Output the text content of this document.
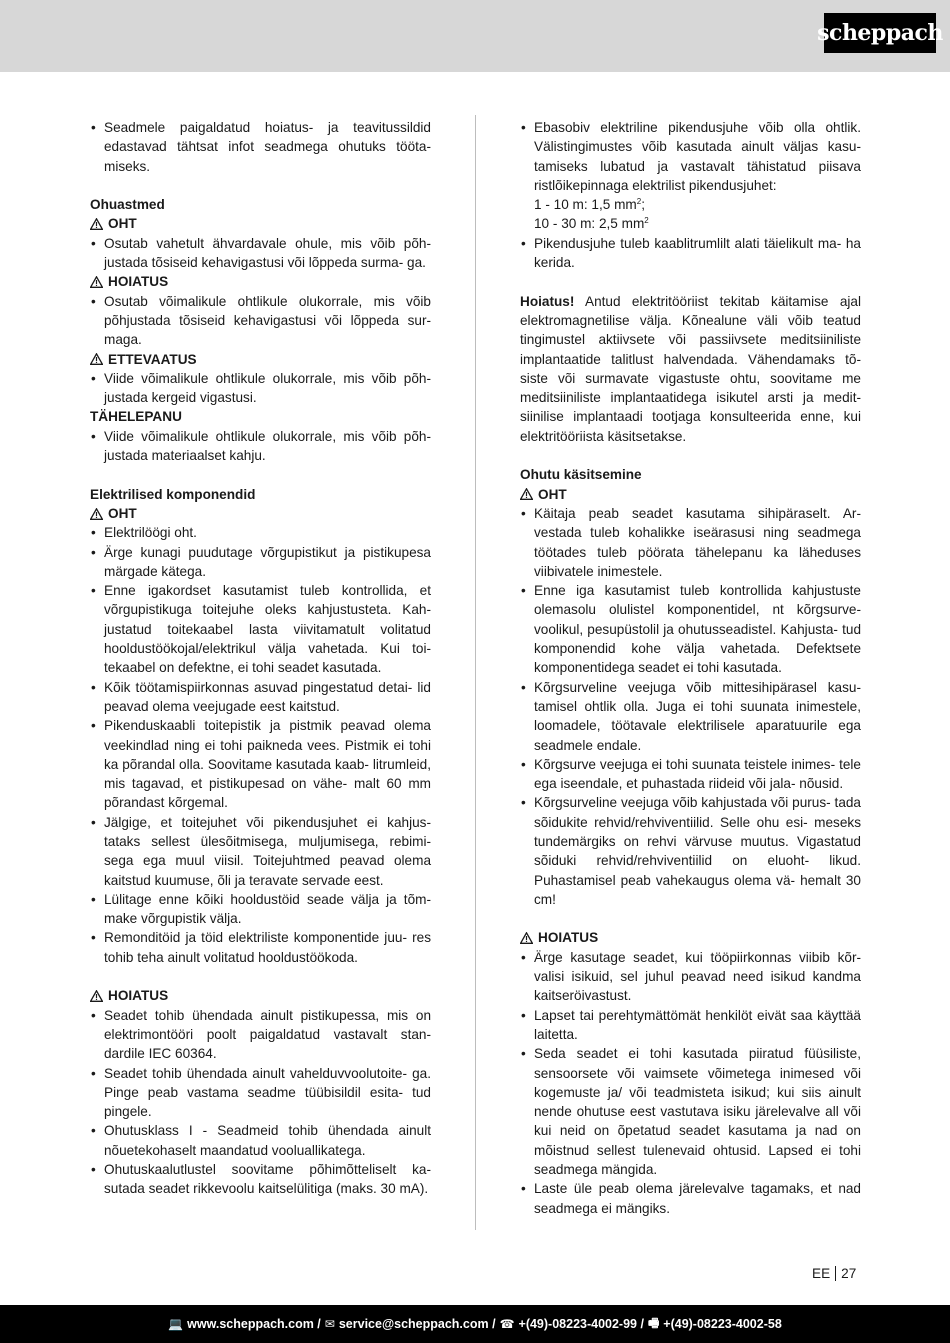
scheppach
• Seadmele paigaldatud hoiatus- ja teavitussildid edastavad tähtsat infot seadmega ohutuks tööta- miseks.
Ohuastmed
OHT
• Osutab vahetult ähvardavale ohule, mis võib põh- justada tõsiseid kehavigastusi või lõppeda surma- ga.
HOIATUS
• Osutab võimalikule ohtlikule olukorrale, mis võib põhjustada tõsiseid kehavigastusi või lõppeda sur- maga.
ETTEVAATUS
• Viide võimalikule ohtlikule olukorrale, mis võib põh- justada kergeid vigastusi.
TÄHELEPANU
• Viide võimalikule ohtlikule olukorrale, mis võib põh- justada materiaalset kahju.
Elektrilised komponendid
OHT
• Elektrilöögi oht.
• Ärge kunagi puudutage võrgupistikut ja pistikupesa märgade kätega.
• Enne igakordset kasutamist tuleb kontrollida, et võrgupistikuga toitejuhe oleks kahjustusteta. Kah- justatud toitekaabel lasta viivitamatult volitatud hooldustöökojal/elektrikul välja vahetada. Kui toi- tekaabel on defektne, ei tohi seadet kasutada.
• Kõik töötamispiirkonnas asuvad pingestatud detai- lid peavad olema veejugade eest kaitstud.
• Pikenduskaabli toitepistik ja pistmik peavad olema veekindlad ning ei tohi paikneda vees. Pistmik ei tohi ka põrandal olla. Soovitame kasutada kaab- litrumleid, mis tagavad, et pistikupesad on vähe- malt 60 mm põrandast kõrgemal.
• Jälgige, et toitejuhet või pikendusjuhet ei kahjus- tataks sellest ülesõitmisega, muljumisega, rebimi- sega ega muul viisil. Toitejuhtmed peavad olema kaitstud kuumuse, õli ja teravate servade eest.
• Lülitage enne kõiki hooldustöid seade välja ja tõm- make võrgupistik välja.
• Remonditöid ja töid elektriliste komponentide juu- res tohib teha ainult volitatud hooldustöökoda.
HOIATUS
• Seadet tohib ühendada ainult pistikupessa, mis on elektrimontööri poolt paigaldatud vastavalt stan- dardile IEC 60364.
• Seadet tohib ühendada ainult vahelduvvoolutoite- ga. Pinge peab vastama seadme tüübisildil esita- tud pingele.
• Ohutusklass I - Seadmeid tohib ühendada ainult nõuetekohaselt maandatud vooluallikatega.
• Ohutuskaalutlustel soovitame põhimõtteliselt ka- sutada seadet rikkevoolu kaitselülitiga (maks. 30 mA).
• Ebasobiv elektriline pikendusjuhe võib olla ohtlik. Välistingimustes võib kasutada ainult väljas kasu- tamiseks lubatud ja vastavalt tähistatud piisava ristlõikepinnaga elektrilist pikendusjuhet:
1 - 10 m: 1,5 $mm^2$;
10 - 30 m: 2,5 $mm^2$
• Pikendusjuhe tuleb kaablitrumlilt alati täielikult ma- ha kerida.
Hoiatus! Antud elektritööriist tekitab käitamise ajal elektromagnetilise välja. Kõnealune väli võib teatud tingimustel aktiivsete või passiivsete meditsiiniliste implantaatide talitlust halvendada. Vähendamaks tõ- siste või surmavate vigastuste ohtu, soovitame me meditsiiniliste implantaatidega isikutel arsti ja medit- siinilise implantaadi tootjaga konsulteerida enne, kui elektritööriista käsitsetakse.
Ohutu käsitsemine
OHT
• Käitaja peab seadet kasutama sihipäraselt. Ar- vestada tuleb kohalikke iseärasusi ning seadmega töötades tuleb pöörata tähelepanu ka läheduses viibivatele inimestele.
• Enne iga kasutamist tuleb kontrollida kahjustuste olemasolu olulistel komponentidel, nt kõrgsurve- voolikul, pesupüstolil ja ohutusseadistel. Kahjusta- tud komponendid kohe välja vahetada. Defektsete komponentidega seadet ei tohi kasutada.
• Kõrgsurveline veejuga võib mittesihipärasel kasu- tamisel ohtlik olla. Juga ei tohi suunata inimestele, loomadele, töötavale elektrilisele aparatuurile ega seadmele endale.
• Kõrgsurve veejuga ei tohi suunata teistele inimes- tele ega iseendale, et puhastada riideid või jala- nõusid.
• Kõrgsurveline veejuga võib kahjustada või purus- tada sõidukite rehvid/rehviventiilid. Selle ohu esi- meseks tundemärgiks on rehvi värvuse muutus. Vigastatud sõiduki rehvid/rehviventiilid on eluoht- likud. Puhastamisel peab vahekaugus olema vä- hemalt 30 cm!
HOIATUS
• Ärge kasutage seadet, kui tööpiirkonnas viibib kõr- valisi isikuid, sel juhul peavad need isikud kandma kaitseröivastust.
• Lapset tai perehtymättömät henkilöt eivät saa käyttää laitetta.
• Seda seadet ei tohi kasutada piiratud füüsiliste, sensoorsete või vaimsete võimetega inimesed või kogemuste ja/ või teadmisteta isikud; kui siis ainult nende ohutuse eest vastutava isiku järelevalve all või kui neid on õpetatud seadet kasutama ja nad on mõistnud sellest tulenevaid ohtusid. Lapsed ei tohi seadmega mängida.
• Laste üle peab olema järelevalve tagamaks, et nad seadmega ei mängiks.
EE 27
💻 www.scheppach.com / ✉ service@scheppach.com / ☎ +(49)-08223-4002-99 / 🖷 +(49)-08223-4002-58
